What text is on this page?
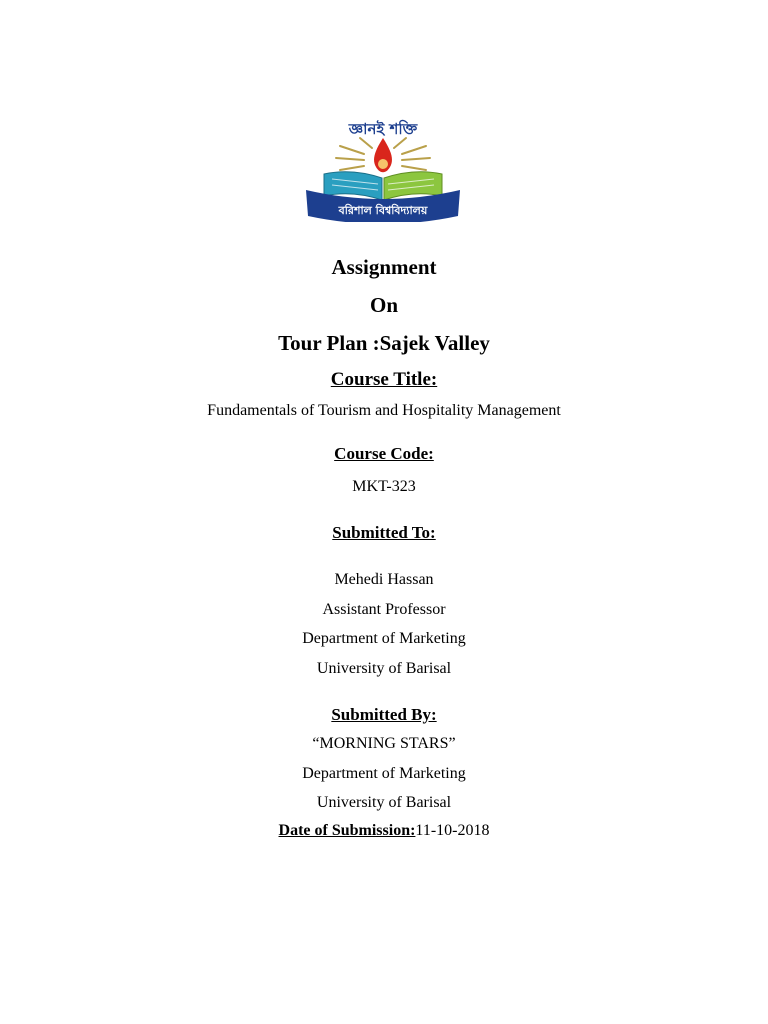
জ্ঞানই শক্তি
বরিশাল বিশ্ববিদ্যালয়
Assignment
On
Tour Plan :Sajek Valley
Course Title:
Fundamentals of Tourism and Hospitality Management
Course Code:
MKT-323
Submitted To:
Mehedi Hassan
Assistant Professor
Department of Marketing
University of Barisal
Submitted By:
“MORNING STARS”
Department of Marketing
University of Barisal
Date of Submission:11-10-2018
